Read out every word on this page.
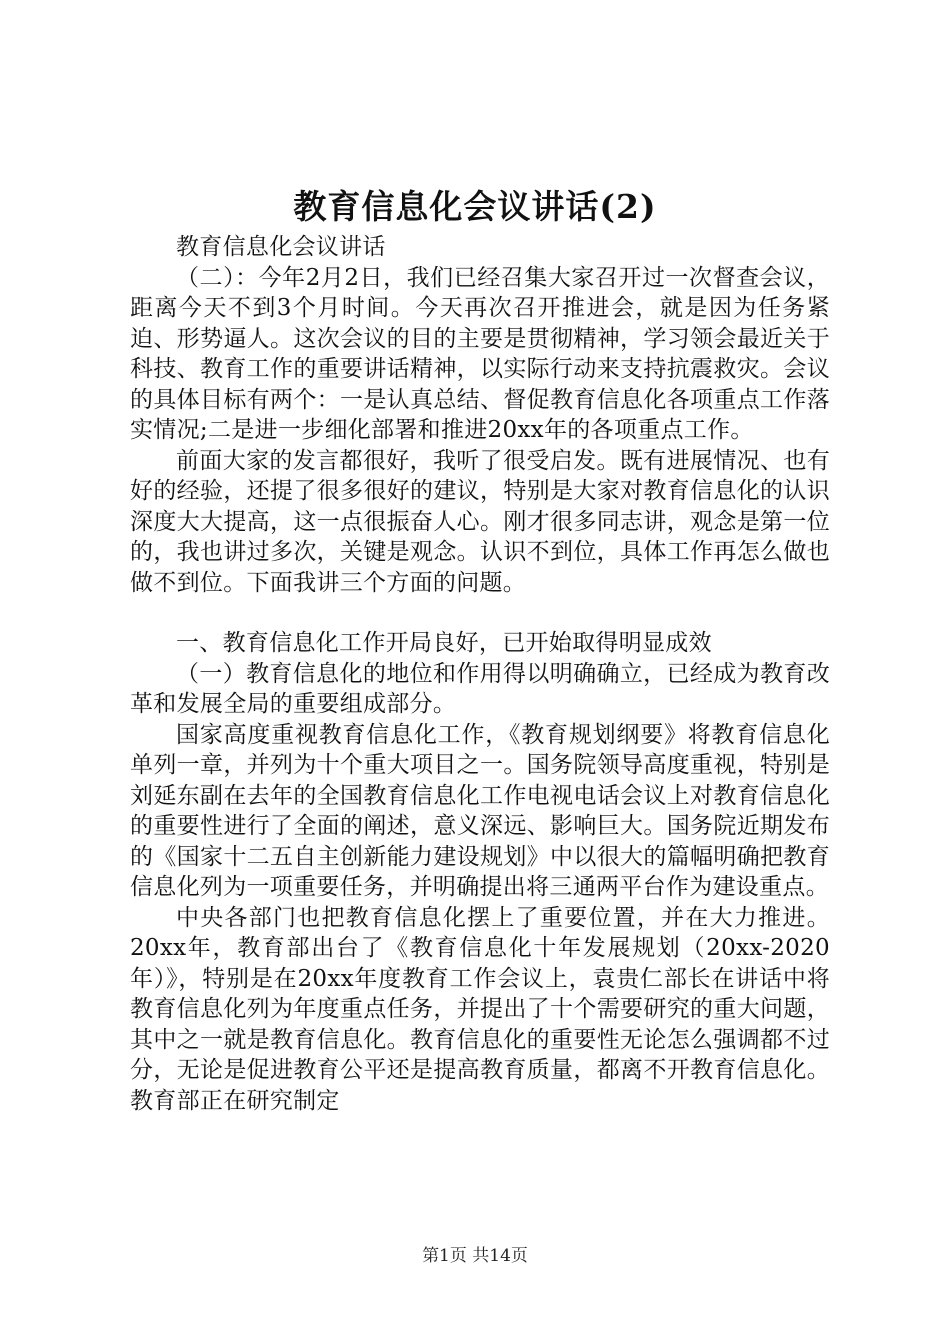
教育信息化会议讲话(2)

教育信息化会议讲话

（二）：今年2月2日，我们已经召集大家召开过一次督查会议，距离今天不到3个月时间。今天再次召开推进会，就是因为任务紧迫、形势逼人。这次会议的目的主要是贯彻精神，学习领会最近关于科技、教育工作的重要讲话精神，以实际行动来支持抗震救灾。会议的具体目标有两个：一是认真总结、督促教育信息化各项重点工作落实情况;二是进一步细化部署和推进20xx年的各项重点工作。

前面大家的发言都很好，我听了很受启发。既有进展情况、也有好的经验，还提了很多很好的建议，特别是大家对教育信息化的认识深度大大提高，这一点很振奋人心。刚才很多同志讲，观念是第一位的，我也讲过多次，关键是观念。认识不到位，具体工作再怎么做也做不到位。下面我讲三个方面的问题。

一、教育信息化工作开局良好，已开始取得明显成效

（一）教育信息化的地位和作用得以明确确立，已经成为教育改革和发展全局的重要组成部分。

国家高度重视教育信息化工作，《教育规划纲要》将教育信息化单列一章，并列为十个重大项目之一。国务院领导高度重视，特别是刘延东副在去年的全国教育信息化工作电视电话会议上对教育信息化的重要性进行了全面的阐述，意义深远、影响巨大。国务院近期发布的《国家十二五自主创新能力建设规划》中以很大的篇幅明确把教育信息化列为一项重要任务，并明确提出将三通两平台作为建设重点。

中央各部门也把教育信息化摆上了重要位置，并在大力推进。20xx年，教育部出台了《教育信息化十年发展规划（20xx-2020年）》，特别是在20xx年度教育工作会议上，袁贵仁部长在讲话中将教育信息化列为年度重点任务，并提出了十个需要研究的重大问题，其中之一就是教育信息化。教育信息化的重要性无论怎么强调都不过分，无论是促进教育公平还是提高教育质量，都离不开教育信息化。教育部正在研究制定

第1页 共14页
